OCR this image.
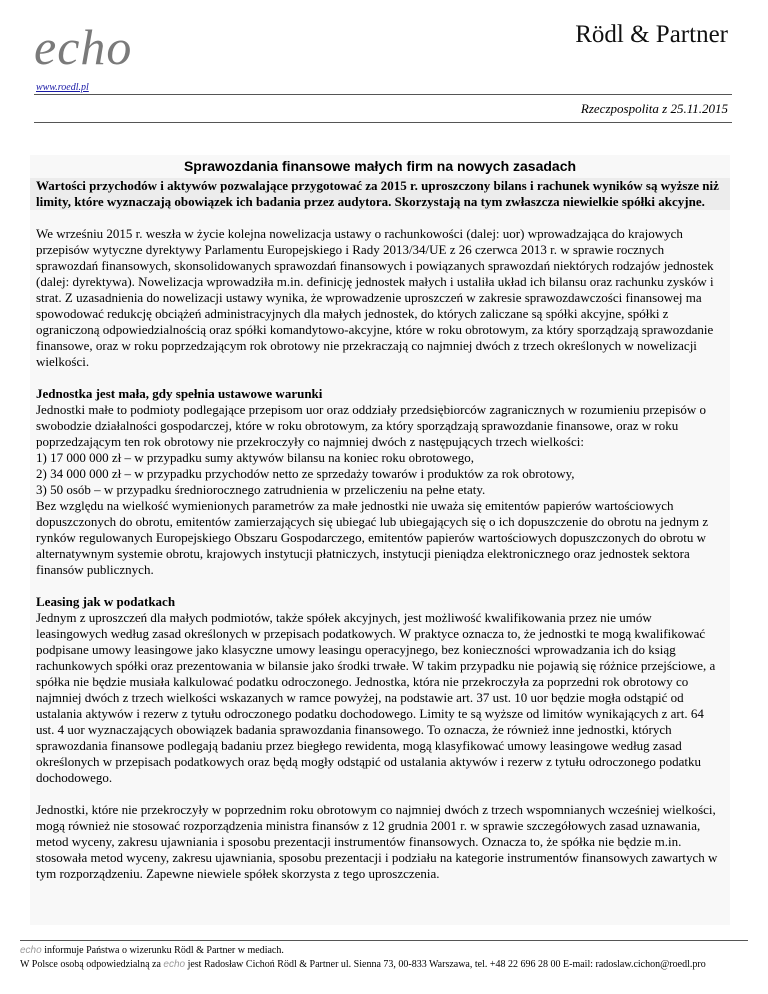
echo	Rödl & Partner
www.roedl.pl
Rzeczpospolita z 25.11.2015
Sprawozdania finansowe małych firm na nowych zasadach
Wartości przychodów i aktywów pozwalające przygotować za 2015 r. uproszczony bilans i rachunek wyników są wyższe niż limity, które wyznaczają obowiązek ich badania przez audytora. Skorzystają na tym zwłaszcza niewielkie spółki akcyjne.

We wrześniu 2015 r. weszła w życie kolejna nowelizacja ustawy o rachunkowości (dalej: uor) wprowadzająca do krajowych przepisów wytyczne dyrektywy Parlamentu Europejskiego i Rady 2013/34/UE z 26 czerwca 2013 r. w sprawie rocznych sprawozdań finansowych, skonsolidowanych sprawozdań finansowych i powiązanych sprawozdań niektórych rodzajów jednostek (dalej: dyrektywa). Nowelizacja wprowadziła m.in. definicję jednostek małych i ustaliła układ ich bilansu oraz rachunku zysków i strat. Z uzasadnienia do nowelizacji ustawy wynika, że wprowadzenie uproszczeń w zakresie sprawozdawczości finansowej ma spowodować redukcję obciążeń administracyjnych dla małych jednostek, do których zaliczane są spółki akcyjne, spółki z ograniczoną odpowiedzialnością oraz spółki komandytowo-akcyjne, które w roku obrotowym, za który sporządzają sprawozdanie finansowe, oraz w roku poprzedzającym rok obrotowy nie przekraczają co najmniej dwóch z trzech określonych w nowelizacji wielkości.

Jednostka jest mała, gdy spełnia ustawowe warunki

Jednostki małe to podmioty podlegające przepisom uor oraz oddziały przedsiębiorców zagranicznych w rozumieniu przepisów o swobodzie działalności gospodarczej, które w roku obrotowym, za który sporządzają sprawozdanie finansowe, oraz w roku poprzedzającym ten rok obrotowy nie przekroczyły co najmniej dwóch z następujących trzech wielkości:

1) 17 000 000 zł – w przypadku sumy aktywów bilansu na koniec roku obrotowego,

2) 34 000 000 zł – w przypadku przychodów netto ze sprzedaży towarów i produktów za rok obrotowy,

3) 50 osób – w przypadku średniorocznego zatrudnienia w przeliczeniu na pełne etaty.

Bez względu na wielkość wymienionych parametrów za małe jednostki nie uważa się emitentów papierów wartościowych dopuszczonych do obrotu, emitentów zamierzających się ubiegać lub ubiegających się o ich dopuszczenie do obrotu na jednym z rynków regulowanych Europejskiego Obszaru Gospodarczego, emitentów papierów wartościowych dopuszczonych do obrotu w alternatywnym systemie obrotu, krajowych instytucji płatniczych, instytucji pieniądza elektronicznego oraz jednostek sektora finansów publicznych.

Leasing jak w podatkach

Jednym z uproszczeń dla małych podmiotów, także spółek akcyjnych, jest możliwość kwalifikowania przez nie umów leasingowych według zasad określonych w przepisach podatkowych. W praktyce oznacza to, że jednostki te mogą kwalifikować podpisane umowy leasingowe jako klasyczne umowy leasingu operacyjnego, bez konieczności wprowadzania ich do ksiąg rachunkowych spółki oraz prezentowania w bilansie jako środki trwałe. W takim przypadku nie pojawią się różnice przejściowe, a spółka nie będzie musiała kalkulować podatku odroczonego. Jednostka, która nie przekroczyła za poprzedni rok obrotowy co najmniej dwóch z trzech wielkości wskazanych w ramce powyżej, na podstawie art. 37 ust. 10 uor będzie mogła odstąpić od ustalania aktywów i rezerw z tytułu odroczonego podatku dochodowego. Limity te są wyższe od limitów wynikających z art. 64 ust. 4 uor wyznaczających obowiązek badania sprawozdania finansowego. To oznacza, że również inne jednostki, których sprawozdania finansowe podlegają badaniu przez biegłego rewidenta, mogą klasyfikować umowy leasingowe według zasad określonych w przepisach podatkowych oraz będą mogły odstąpić od ustalania aktywów i rezerw z tytułu odroczonego podatku dochodowego.

Jednostki, które nie przekroczyły w poprzednim roku obrotowym co najmniej dwóch z trzech wspomnianych wcześniej wielkości, mogą również nie stosować rozporządzenia ministra finansów z 12 grudnia 2001 r. w sprawie szczegółowych zasad uznawania, metod wyceny, zakresu ujawniania i sposobu prezentacji instrumentów finansowych. Oznacza to, że spółka nie będzie m.in. stosowała metod wyceny, zakresu ujawniania, sposobu prezentacji i podziału na kategorie instrumentów finansowych zawartych w tym rozporządzeniu. Zapewne niewiele spółek skorzysta z tego uproszczenia.

echo informuje Państwa o wizerunku Rödl & Partner w mediach.
W Polsce osobą odpowiedzialną za echo jest Radosław Cichoń Rödl & Partner ul. Sienna 73, 00-833 Warszawa, tel. +48 22 696 28 00 E-mail: radoslaw.cichon@roedl.pro
